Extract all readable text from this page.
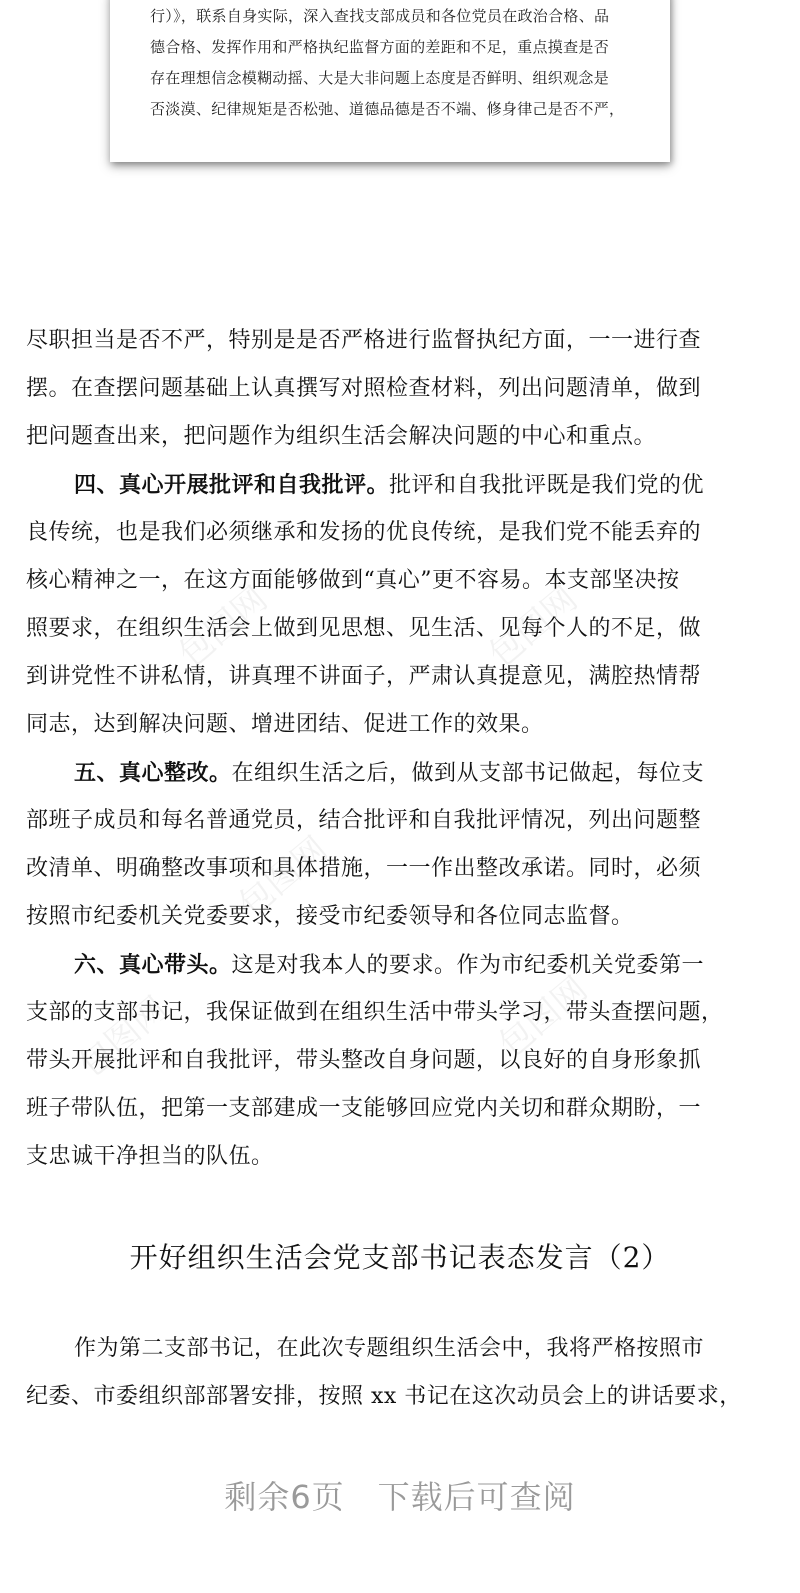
行）》，联系自身实际，深入查找支部成员和各位党员在政治合格、品
德合格、发挥作用和严格执纪监督方面的差距和不足，重点摸查是否
存在理想信念模糊动摇、大是大非问题上态度是否鲜明、组织观念是
否淡漠、纪律规矩是否松弛、道德品德是否不端、修身律己是否不严，
包图网	包图网
包图网
包图网	包图网
尽职担当是否不严，特别是是否严格进行监督执纪方面，一一进行查
摆。在查摆问题基础上认真撰写对照检查材料，列出问题清单，做到
把问题查出来，把问题作为组织生活会解决问题的中心和重点。
四、真心开展批评和自我批评。批评和自我批评既是我们党的优
良传统，也是我们必须继承和发扬的优良传统，是我们党不能丢弃的
核心精神之一，在这方面能够做到“真心”更不容易。本支部坚决按
照要求，在组织生活会上做到见思想、见生活、见每个人的不足，做
到讲党性不讲私情，讲真理不讲面子，严肃认真提意见，满腔热情帮
同志，达到解决问题、增进团结、促进工作的效果。
五、真心整改。在组织生活之后，做到从支部书记做起，每位支
部班子成员和每名普通党员，结合批评和自我批评情况，列出问题整
改清单、明确整改事项和具体措施，一一作出整改承诺。同时，必须
按照市纪委机关党委要求，接受市纪委领导和各位同志监督。
六、真心带头。这是对我本人的要求。作为市纪委机关党委第一
支部的支部书记，我保证做到在组织生活中带头学习，带头查摆问题，
带头开展批评和自我批评，带头整改自身问题，以良好的自身形象抓
班子带队伍，把第一支部建成一支能够回应党内关切和群众期盼，一
支忠诚干净担当的队伍。
开好组织生活会党支部书记表态发言（2）
作为第二支部书记，在此次专题组织生活会中，我将严格按照市
纪委、市委组织部部署安排，按照 xx 书记在这次动员会上的讲话要求，
剩余6页　下载后可查阅
